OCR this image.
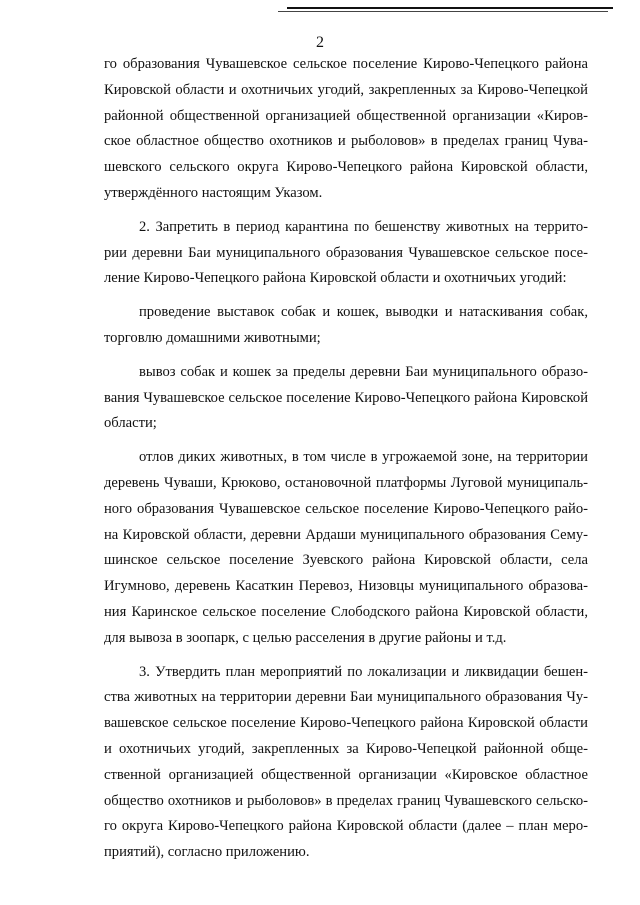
2
го образования Чувашевское сельское поселение Кирово-Чепецкого района
Кировской области и охотничьих угодий, закрепленных за Кирово-Чепецкой
районной общественной организацией общественной организации «Киров-
ское областное общество охотников и рыболовов» в пределах границ Чува-
шевского сельского округа Кирово-Чепецкого района Кировской области,
утверждённого настоящим Указом.
2. Запретить в период карантина по бешенству животных на террито-
рии деревни Баи муниципального образования Чувашевское сельское посе-
ление Кирово-Чепецкого района Кировской области и охотничьих угодий:
проведение выставок собак и кошек, выводки и натаскивания собак,
торговлю домашними животными;
вывоз собак и кошек за пределы деревни Баи муниципального образо-
вания Чувашевское сельское поселение Кирово-Чепецкого района Кировской
области;
отлов диких животных, в том числе в угрожаемой зоне, на территории
деревень Чуваши, Крюково, остановочной платформы Луговой муниципаль-
ного образования Чувашевское сельское поселение Кирово-Чепецкого райо-
на Кировской области, деревни Ардаши муниципального образования Сему-
шинское сельское поселение Зуевского района Кировской области, села
Игумново, деревень Касаткин Перевоз, Низовцы муниципального образова-
ния Каринское сельское поселение Слободского района Кировской области,
для вывоза в зоопарк, с целью расселения в другие районы и т.д.
3. Утвердить план мероприятий по локализации и ликвидации бешен-
ства животных на территории деревни Баи муниципального образования Чу-
вашевское сельское поселение Кирово-Чепецкого района Кировской области
и охотничьих угодий, закрепленных за Кирово-Чепецкой районной обще-
ственной организацией общественной организации «Кировское областное
общество охотников и рыболовов» в пределах границ Чувашевского сельско-
го округа Кирово-Чепецкого района Кировской области (далее – план меро-
приятий), согласно приложению.
